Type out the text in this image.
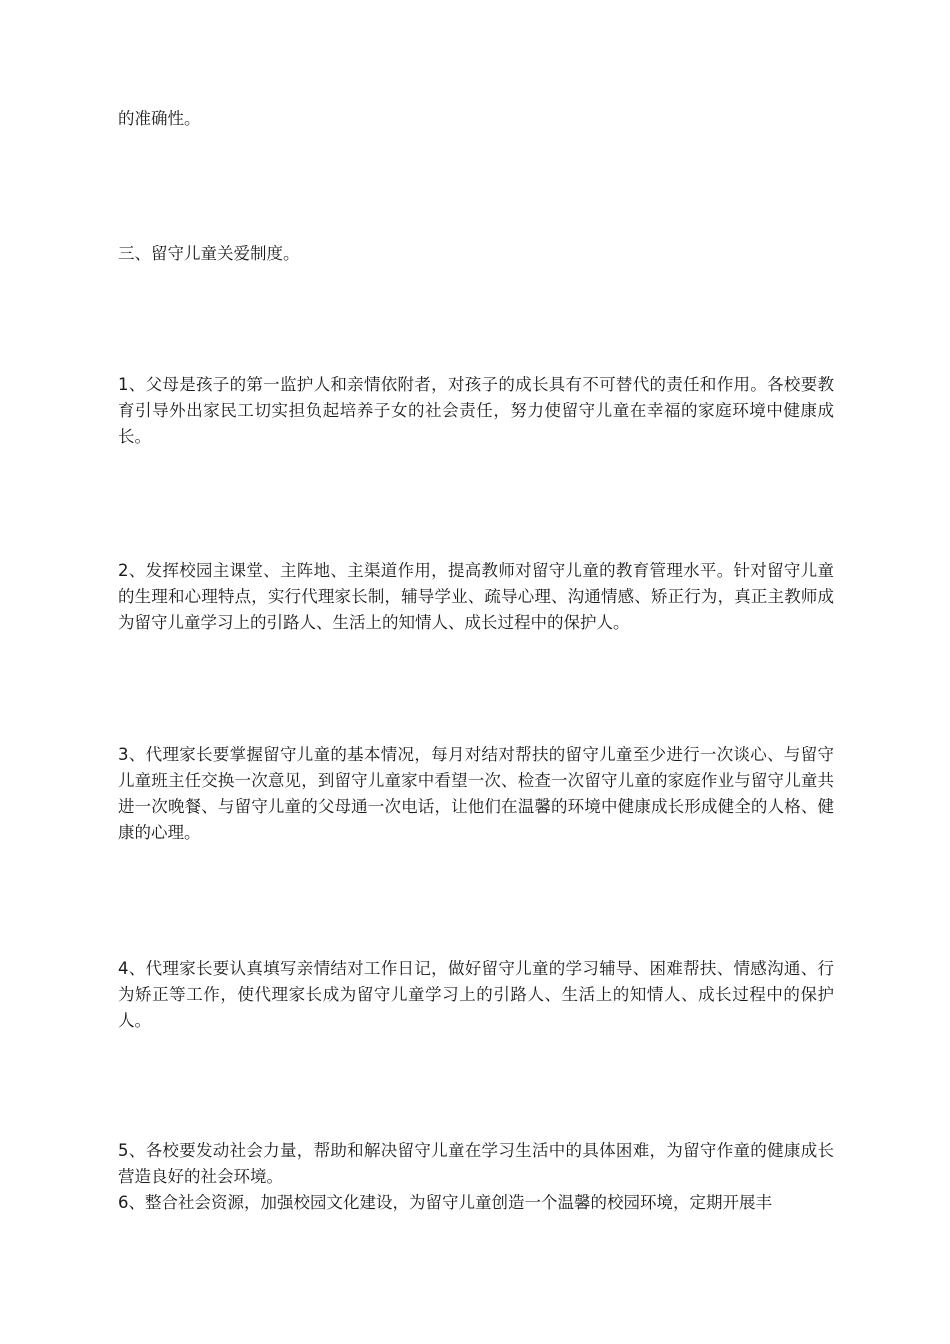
的准确性。

三、留守儿童关爱制度。

1、父母是孩子的第一监护人和亲情依附者，对孩子的成长具有不可替代的责任和作用。各校要教育引导外出家民工切实担负起培养子女的社会责任，努力使留守儿童在幸福的家庭环境中健康成长。

2、发挥校园主课堂、主阵地、主渠道作用，提高教师对留守儿童的教育管理水平。针对留守儿童的生理和心理特点，实行代理家长制，辅导学业、疏导心理、沟通情感、矫正行为，真正主教师成为留守儿童学习上的引路人、生活上的知情人、成长过程中的保护人。

3、代理家长要掌握留守儿童的基本情况，每月对结对帮扶的留守儿童至少进行一次谈心、与留守儿童班主任交换一次意见，到留守儿童家中看望一次、检查一次留守儿童的家庭作业与留守儿童共进一次晚餐、与留守儿童的父母通一次电话，让他们在温馨的环境中健康成长形成健全的人格、健康的心理。

4、代理家长要认真填写亲情结对工作日记，做好留守儿童的学习辅导、困难帮扶、情感沟通、行为矫正等工作，使代理家长成为留守儿童学习上的引路人、生活上的知情人、成长过程中的保护人。

5、各校要发动社会力量，帮助和解决留守儿童在学习生活中的具体困难，为留守作童的健康成长营造良好的社会环境。

6、整合社会资源，加强校园文化建设，为留守儿童创造一个温馨的校园环境，定期开展丰
